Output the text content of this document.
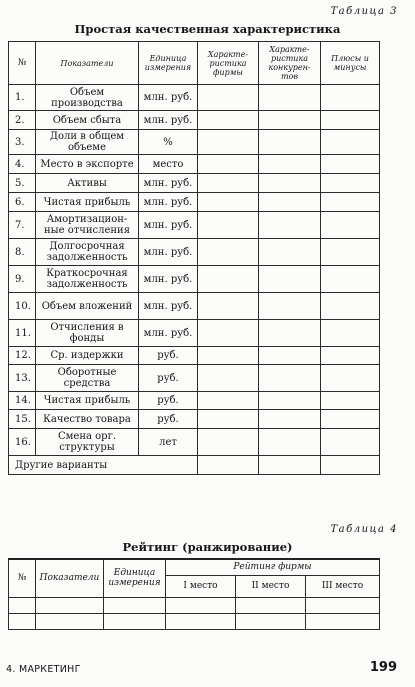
Таблица 3
Простая качественная характеристика
№	Показатели	Единица измерения	Характе-ристика фирмы	Характе-ристика конкурен-тов	Плюсы и минусы
1.	Объем производства	млн. руб.			
2.	Объем сбыта	млн. руб.			
3.	Доли в общем объеме	%			
4.	Место в экспорте	место			
5.	Активы	млн. руб.			
6.	Чистая прибыль	млн. руб.			
7.	Амортизацион-ные отчисления	млн. руб.			
8.	Долгосрочная задолженность	млн. руб.			
9.	Краткосрочная задолженность	млн. руб.			
10.	Объем вложений	млн. руб.			
11.	Отчисления в фонды	млн. руб.			
12.	Ср. издержки	руб.			
13.	Оборотные средства	руб.			
14.	Чистая прибыль	руб.			
15.	Качество товара	руб.			
16.	Смена орг. структуры	лет			
Другие варианты					
Таблица 4
Рейтинг (ранжирование)
№	Показатели	Единица измерения	Рейтинг фирмы		
			I место	II место	III место

4. МАРКЕТИНГ	199
